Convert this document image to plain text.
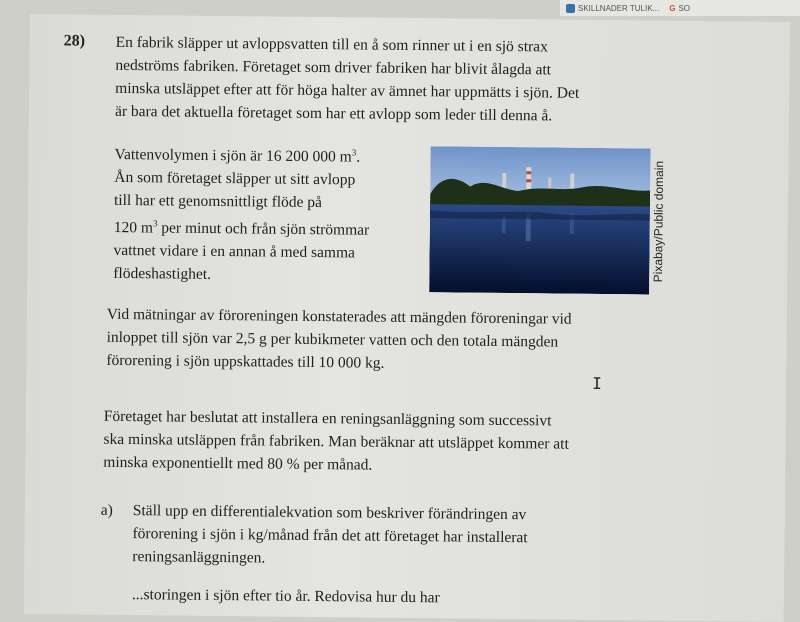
SKILLNADER TULIK... G SO
28) En fabrik släpper ut avloppsvatten till en å som rinner ut i en sjö strax

nedströms fabriken. Företaget som driver fabriken har blivit ålagda att

minska utsläppet efter att för höga halter av ämnet har uppmätts i sjön. Det

är bara det aktuella företaget som har ett avlopp som leder till denna å.

Vattenvolymen i sjön är 16 200 000 $m^3$.

Ån som företaget släpper ut sitt avlopp

till har ett genomsnittligt flöde på

120 $m^3$ per minut och från sjön strömmar

vattnet vidare i en annan å med samma

flödeshastighet.	Pixabay/Public domain

Vid mätningar av föroreningen konstaterades att mängden föroreningar vid

inloppet till sjön var 2,5 g per kubikmeter vatten och den totala mängden

förorening i sjön uppskattades till 10 000 kg.

I

Företaget har beslutat att installera en reningsanläggning som successivt

ska minska utsläppen från fabriken. Man beräknar att utsläppet kommer att

minska exponentiellt med 80 % per månad.

a)	Ställ upp en differentialekvation som beskriver förändringen av

förorening i sjön i kg/månad från det att företaget har installerat

reningsanläggningen.

...storingen i sjön efter tio år. Redovisa hur du har
